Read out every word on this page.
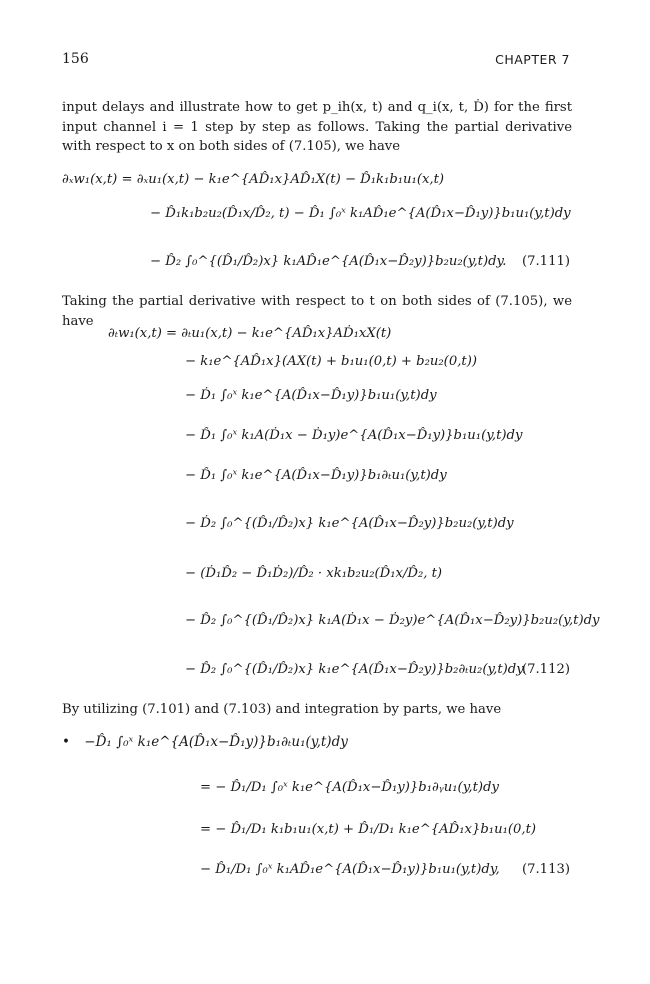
156	CHAPTER 7
input delays and illustrate how to get p_ih(x, t) and q_i(x, t, Ḋ) for the first input channel i = 1 step by step as follows. Taking the partial derivative with respect to x on both sides of (7.105), we have
∂ₓw₁(x,t) = ∂ₓu₁(x,t) − k₁e^{AD̂₁x}AD̂₁X(t) − D̂₁k₁b₁u₁(x,t)
− D̂₁k₁b₂u₂(D̂₁x/D̂₂, t) − D̂₁ ∫₀ˣ k₁AD̂₁e^{A(D̂₁x−D̂₁y)}b₁u₁(y,t)dy
− D̂₂ ∫₀^{(D̂₁/D̂₂)x} k₁AD̂₁e^{A(D̂₁x−D̂₂y)}b₂u₂(y,t)dy. (7.111)
Taking the partial derivative with respect to t on both sides of (7.105), we have
∂ₜw₁(x,t) = ∂ₜu₁(x,t) − k₁e^{AD̂₁x}AḊ₁xX(t)
− k₁e^{AD̂₁x}(AX(t) + b₁u₁(0,t) + b₂u₂(0,t))
− Ḋ₁ ∫₀ˣ k₁e^{A(D̂₁x−D̂₁y)}b₁u₁(y,t)dy
− D̂₁ ∫₀ˣ k₁A(Ḋ₁x − Ḋ₁y)e^{A(D̂₁x−D̂₁y)}b₁u₁(y,t)dy
− D̂₁ ∫₀ˣ k₁e^{A(D̂₁x−D̂₁y)}b₁∂ₜu₁(y,t)dy
− Ḋ₂ ∫₀^{(D̂₁/D̂₂)x} k₁e^{A(D̂₁x−D̂₂y)}b₂u₂(y,t)dy
− (Ḋ₁D̂₂ − D̂₁Ḋ₂)/D̂₂ · xk₁b₂u₂(D̂₁x/D̂₂, t)
− D̂₂ ∫₀^{(D̂₁/D̂₂)x} k₁A(Ḋ₁x − Ḋ₂y)e^{A(D̂₁x−D̂₂y)}b₂u₂(y,t)dy
− D̂₂ ∫₀^{(D̂₁/D̂₂)x} k₁e^{A(D̂₁x−D̂₂y)}b₂∂ₜu₂(y,t)dy.
(7.112)
By utilizing (7.101) and (7.103) and integration by parts, we have
• −D̂₁ ∫₀ˣ k₁e^{A(D̂₁x−D̂₁y)}b₁∂ₜu₁(y,t)dy
= − D̂₁/D₁ ∫₀ˣ k₁e^{A(D̂₁x−D̂₁y)}b₁∂ᵧu₁(y,t)dy
= − D̂₁/D₁ k₁b₁u₁(x,t) + D̂₁/D₁ k₁e^{AD̂₁x}b₁u₁(0,t)
− D̂₁/D₁ ∫₀ˣ k₁AD̂₁e^{A(D̂₁x−D̂₁y)}b₁u₁(y,t)dy, (7.113)
